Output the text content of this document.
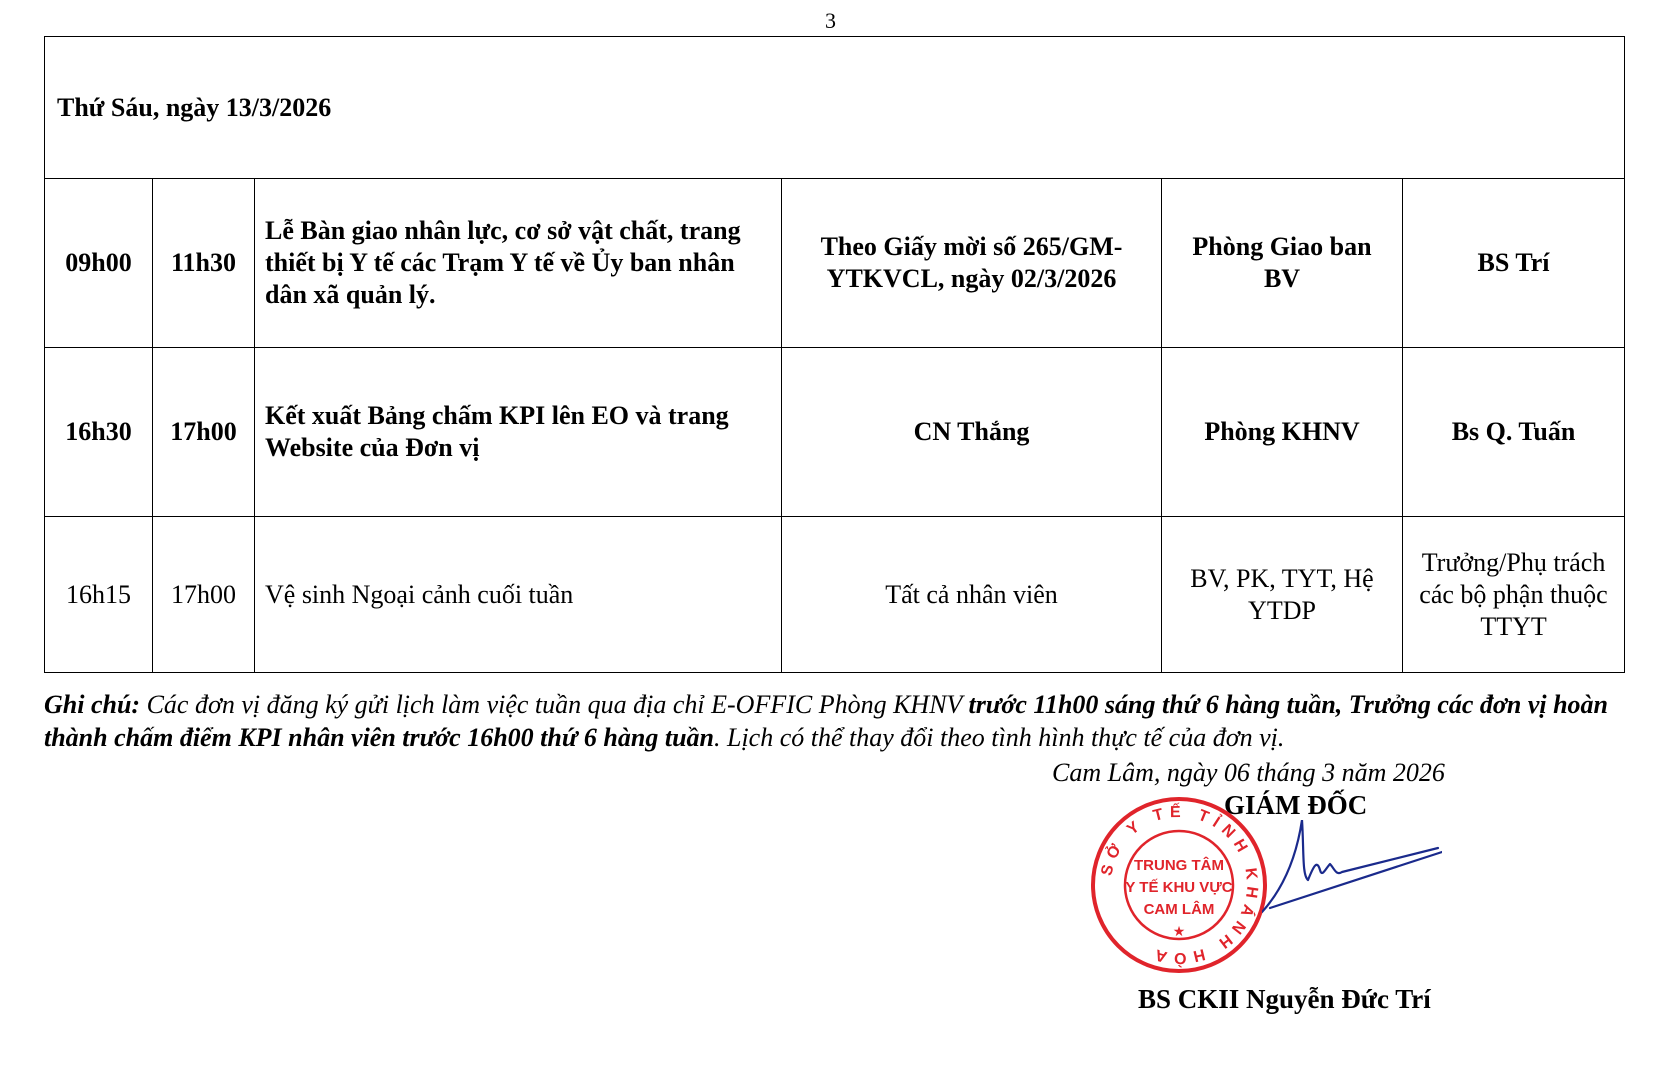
3
Thứ Sáu, ngày 13/3/2026					
09h00	11h30	Lễ Bàn giao nhân lực, cơ sở vật chất, trang thiết bị Y tế các Trạm Y tế về Ủy ban nhân dân xã quản lý.	Theo Giấy mời số 265/GM-YTKVCL, ngày 02/3/2026	Phòng Giao ban BV	BS Trí
16h30	17h00	Kết xuất Bảng chấm KPI lên EO và trang Website của Đơn vị	CN Thắng	Phòng KHNV	Bs Q. Tuấn
16h15	17h00	Vệ sinh Ngoại cảnh cuối tuần	Tất cả nhân viên	BV, PK, TYT, Hệ YTDP	Trưởng/Phụ trách các bộ phận thuộc TTYT
Ghi chú: Các đơn vị đăng ký gửi lịch làm việc tuần qua địa chỉ E-OFFIC Phòng KHNV trước 11h00 sáng thứ 6 hàng tuần, Trưởng các đơn vị hoàn thành chấm điểm KPI nhân viên trước 16h00 thứ 6 hàng tuần. Lịch có thể thay đổi theo tình hình thực tế của đơn vị.
Cam Lâm, ngày 06 tháng 3 năm 2026
GIÁM ĐỐC
SỞ Y TẾ TỈNH KHÁNH HÒA
TRUNG TÂM
Y TẾ KHU VỰC
CAM LÂM
★
BS CKII Nguyễn Đức Trí
